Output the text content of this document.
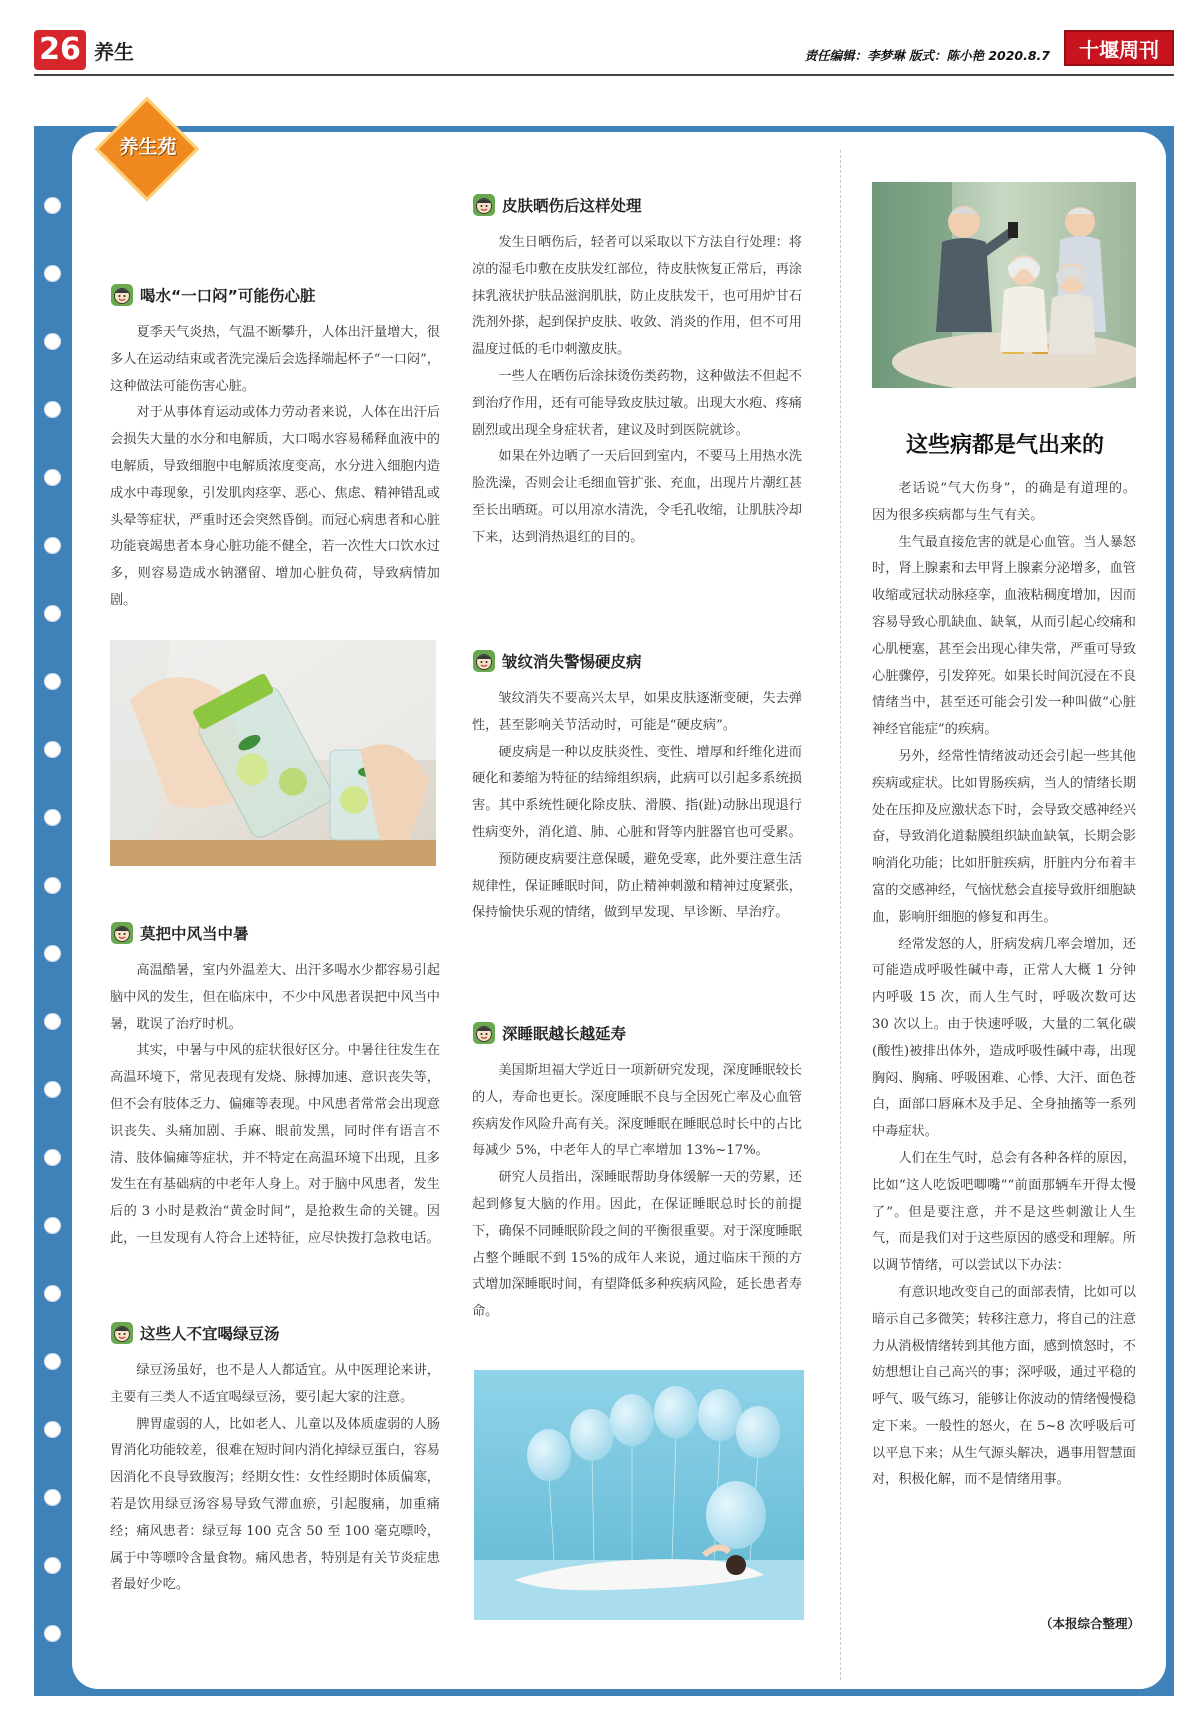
26 养生	责任编辑：李梦琳 版式：陈小艳 2020.8.7	十堰周刊
养生苑
喝水“一口闷”可能伤心脏

夏季天气炎热，气温不断攀升，人体出汗量增大，很多人在运动结束或者洗完澡后会选择端起杯子“一口闷”，这种做法可能伤害心脏。

对于从事体育运动或体力劳动者来说，人体在出汗后会损失大量的水分和电解质，大口喝水容易稀释血液中的电解质，导致细胞中电解质浓度变高，水分进入细胞内造成水中毒现象，引发肌肉痉挛、恶心、焦虑、精神错乱或头晕等症状，严重时还会突然昏倒。而冠心病患者和心脏功能衰竭患者本身心脏功能不健全，若一次性大口饮水过多，则容易造成水钠潴留、增加心脏负荷，导致病情加剧。

莫把中风当中暑

高温酷暑，室内外温差大、出汗多喝水少都容易引起脑中风的发生，但在临床中，不少中风患者误把中风当中暑，耽误了治疗时机。

其实，中暑与中风的症状很好区分。中暑往往发生在高温环境下，常见表现有发烧、脉搏加速、意识丧失等，但不会有肢体乏力、偏瘫等表现。中风患者常常会出现意识丧失、头痛加剧、手麻、眼前发黑，同时伴有语言不清、肢体偏瘫等症状，并不特定在高温环境下出现，且多发生在有基础病的中老年人身上。对于脑中风患者，发生后的 3 小时是救治“黄金时间”，是抢救生命的关键。因此，一旦发现有人符合上述特征，应尽快拨打急救电话。

这些人不宜喝绿豆汤

绿豆汤虽好，也不是人人都适宜。从中医理论来讲，主要有三类人不适宜喝绿豆汤，要引起大家的注意。

脾胃虚弱的人，比如老人、儿童以及体质虚弱的人肠胃消化功能较差，很难在短时间内消化掉绿豆蛋白，容易因消化不良导致腹泻；经期女性：女性经期时体质偏寒，若是饮用绿豆汤容易导致气滞血瘀，引起腹痛，加重痛经；痛风患者：绿豆每 100 克含 50 至 100 毫克嘌呤，属于中等嘌呤含量食物。痛风患者，特别是有关节炎症患者最好少吃。

皮肤晒伤后这样处理

发生日晒伤后，轻者可以采取以下方法自行处理：将凉的湿毛巾敷在皮肤发红部位，待皮肤恢复正常后，再涂抹乳液状护肤品滋润肌肤，防止皮肤发干，也可用炉甘石洗剂外搽，起到保护皮肤、收敛、消炎的作用，但不可用温度过低的毛巾刺激皮肤。

一些人在晒伤后涂抹烫伤类药物，这种做法不但起不到治疗作用，还有可能导致皮肤过敏。出现大水疱、疼痛剧烈或出现全身症状者，建议及时到医院就诊。

如果在外边晒了一天后回到室内，不要马上用热水洗脸洗澡，否则会让毛细血管扩张、充血，出现片片潮红甚至长出晒斑。可以用凉水清洗，令毛孔收缩，让肌肤冷却下来，达到消热退红的目的。

皱纹消失警惕硬皮病

皱纹消失不要高兴太早，如果皮肤逐渐变硬，失去弹性，甚至影响关节活动时，可能是“硬皮病”。

硬皮病是一种以皮肤炎性、变性、增厚和纤维化进而硬化和萎缩为特征的结缔组织病，此病可以引起多系统损害。其中系统性硬化除皮肤、滑膜、指(趾)动脉出现退行性病变外，消化道、肺、心脏和肾等内脏器官也可受累。

预防硬皮病要注意保暖，避免受寒，此外要注意生活规律性，保证睡眠时间，防止精神刺激和精神过度紧张，保持愉快乐观的情绪，做到早发现、早诊断、早治疗。

深睡眠越长越延寿

美国斯坦福大学近日一项新研究发现，深度睡眠较长的人，寿命也更长。深度睡眠不良与全因死亡率及心血管疾病发作风险升高有关。深度睡眠在睡眠总时长中的占比每减少 5%，中老年人的早亡率增加 13%~17%。

研究人员指出，深睡眠帮助身体缓解一天的劳累，还起到修复大脑的作用。因此，在保证睡眠总时长的前提下，确保不同睡眠阶段之间的平衡很重要。对于深度睡眠占整个睡眠不到 15%的成年人来说，通过临床干预的方式增加深睡眠时间，有望降低多种疾病风险，延长患者寿命。

这些病都是气出来的

老话说“气大伤身”，的确是有道理的。因为很多疾病都与生气有关。

生气最直接危害的就是心血管。当人暴怒时，肾上腺素和去甲肾上腺素分泌增多，血管收缩或冠状动脉痉挛，血液粘稠度增加，因而容易导致心肌缺血、缺氧，从而引起心绞痛和心肌梗塞，甚至会出现心律失常，严重可导致心脏骤停，引发猝死。如果长时间沉浸在不良情绪当中，甚至还可能会引发一种叫做“心脏神经官能症”的疾病。

另外，经常性情绪波动还会引起一些其他疾病或症状。比如胃肠疾病，当人的情绪长期处在压抑及应激状态下时，会导致交感神经兴奋，导致消化道黏膜组织缺血缺氧，长期会影响消化功能；比如肝脏疾病，肝脏内分布着丰富的交感神经，气恼忧愁会直接导致肝细胞缺血，影响肝细胞的修复和再生。

经常发怒的人，肝病发病几率会增加，还可能造成呼吸性碱中毒，正常人大概 1 分钟内呼吸 15 次，而人生气时，呼吸次数可达 30 次以上。由于快速呼吸，大量的二氧化碳(酸性)被排出体外，造成呼吸性碱中毒，出现胸闷、胸痛、呼吸困难、心悸、大汗、面色苍白，面部口唇麻木及手足、全身抽搐等一系列中毒症状。

人们在生气时，总会有各种各样的原因，比如“这人吃饭吧唧嘴”“前面那辆车开得太慢了”。但是要注意，并不是这些刺激让人生气，而是我们对于这些原因的感受和理解。所以调节情绪，可以尝试以下办法：

有意识地改变自己的面部表情，比如可以暗示自己多微笑；转移注意力，将自己的注意力从消极情绪转到其他方面，感到愤怒时，不妨想想让自己高兴的事；深呼吸，通过平稳的呼气、吸气练习，能够让你波动的情绪慢慢稳定下来。一般性的怒火，在 5~8 次呼吸后可以平息下来；从生气源头解决，遇事用智慧面对，积极化解，而不是情绪用事。

（本报综合整理）
